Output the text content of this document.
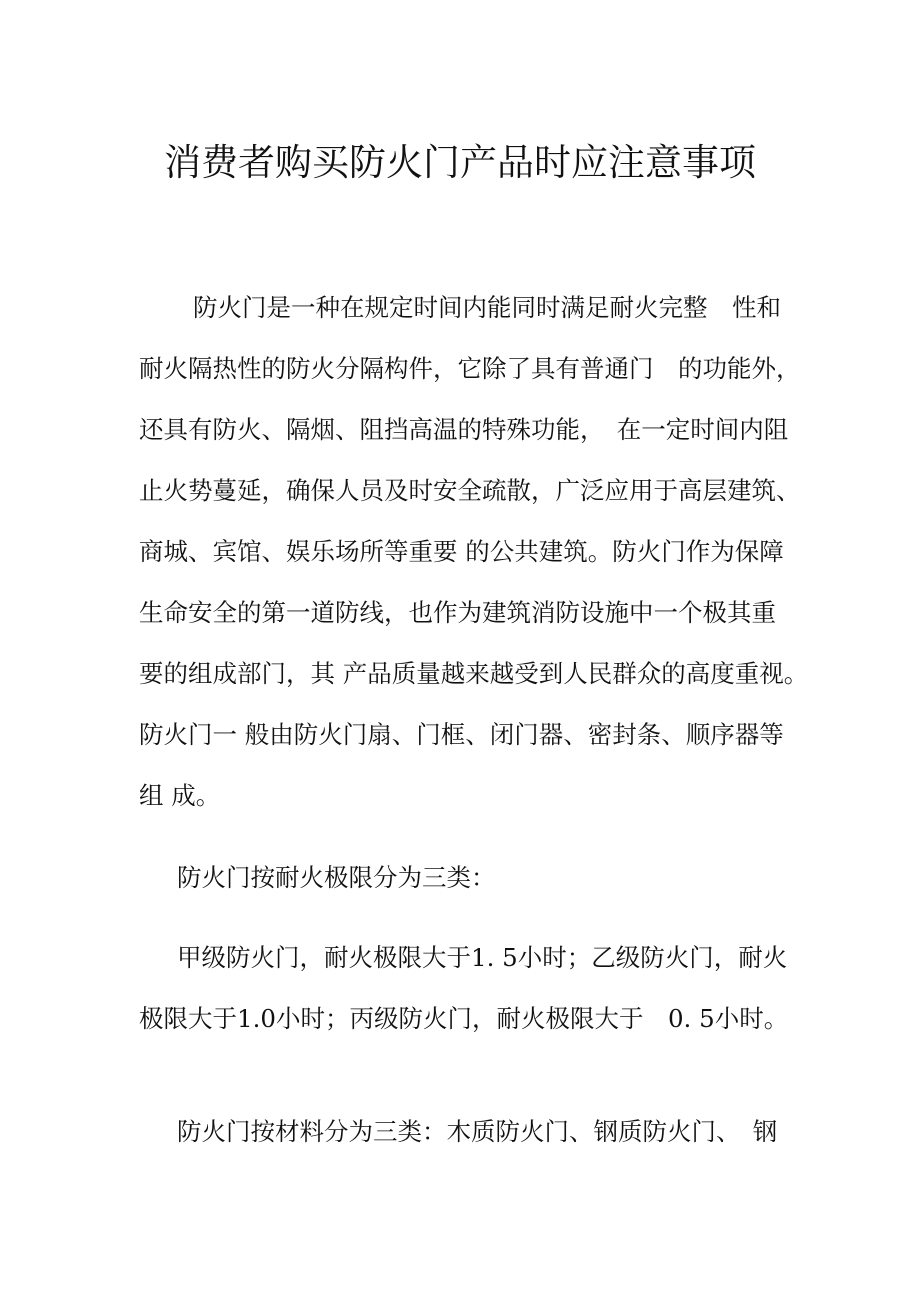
消费者购买防火门产品时应注意事项
防火门是一种在规定时间内能同时满足耐火完整　性和
耐火隔热性的防火分隔构件，它除了具有普通门　的功能外，
还具有防火、隔烟、阻挡高温的特殊功能，　在一定时间内阻
止火势蔓延，确保人员及时安全疏散，广泛应用于高层建筑、
商城、宾馆、娱乐场所等重要 的公共建筑。防火门作为保障
生命安全的第一道防线，也作为建筑消防设施中一个极其重
要的组成部门，其 产品质量越来越受到人民群众的高度重视。
防火门一 般由防火门扇、门框、闭门器、密封条、顺序器等
组 成。
防火门按耐火极限分为三类：
甲级防火门，耐火极限大于1. 5小时；乙级防火门，耐火
极限大于1.0小时；丙级防火门，耐火极限大于　0. 5小时。
防火门按材料分为三类：木质防火门、钢质防火门、　钢
